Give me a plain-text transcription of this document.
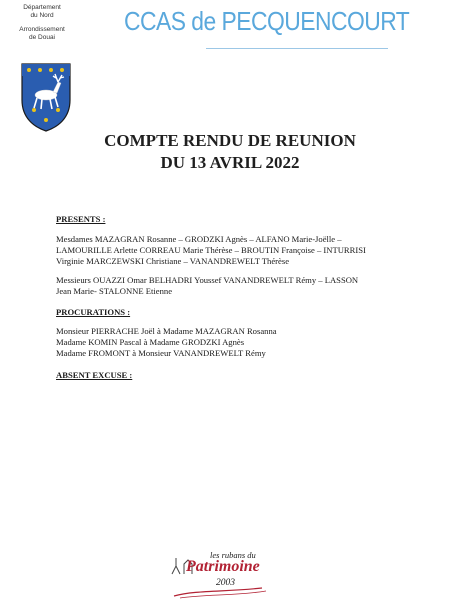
Département
du Nord
Arrondissement
de Douai
CCAS de PECQUENCOURT
COMPTE RENDU DE REUNION
DU 13 AVRIL 2022
PRESENTS :
Mesdames MAZAGRAN Rosanne – GRODZKI Agnès – ALFANO Marie-Joëlle –
LAMOURILLE Arlette CORREAU Marie Thérèse – BROUTIN Françoise – INTURRISI
Virginie MARCZEWSKI Christiane – VANANDREWELT Thérèse
Messieurs OUAZZI Omar BELHADRI Youssef VANANDREWELT Rémy – LASSON
Jean Marie- STALONNE Etienne
PROCURATIONS :
Monsieur PIERRACHE Joël à Madame MAZAGRAN Rosanna
Madame KOMIN Pascal à Madame GRODZKI Agnès
Madame FROMONT à Monsieur VANANDREWELT Rémy
ABSENT EXCUSE :
les rubans du
Patrimoine
2003
